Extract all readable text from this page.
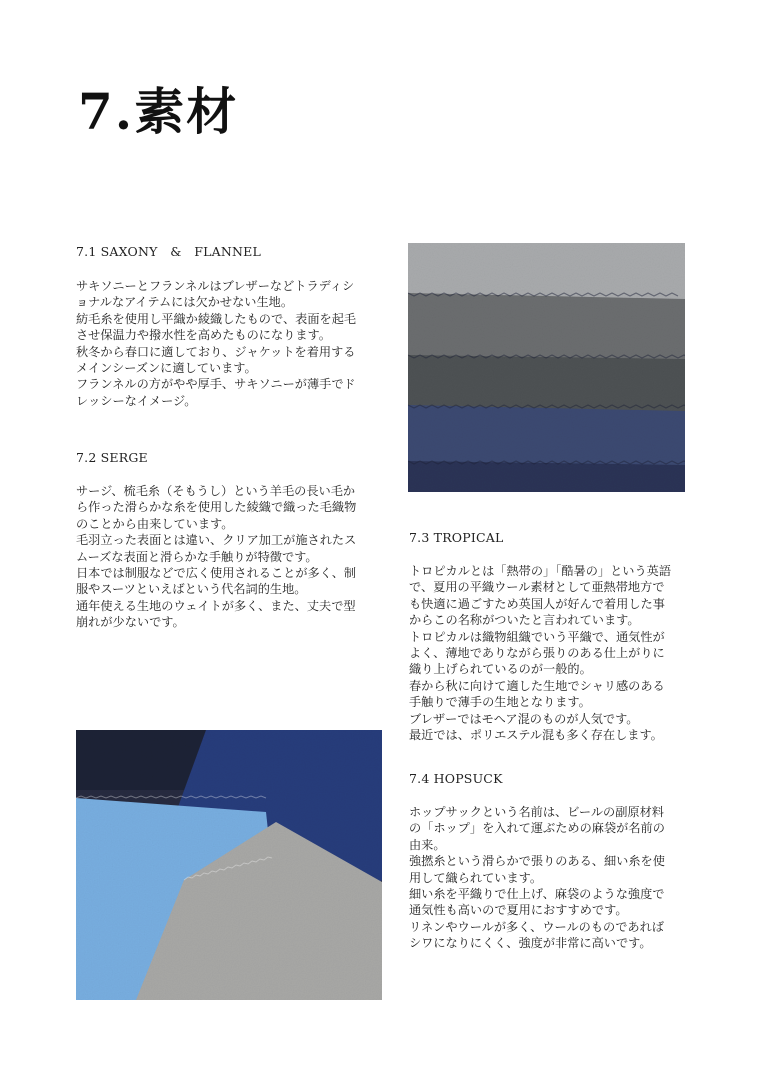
7.素材

7.1 SAXONY　&　FLANNEL

サキソニーとフランネルはブレザーなどトラディシ
ョナルなアイテムには欠かせない生地。
紡毛糸を使用し平織か綾織したもので、表面を起毛
させ保温力や撥水性を高めたものになります。
秋冬から春口に適しており、ジャケットを着用する
メインシーズンに適しています。
フランネルの方がやや厚手、サキソニーが薄手でド
レッシーなイメージ。

7.2 SERGE

サージ、梳毛糸（そもうし）という羊毛の長い毛か
ら作った滑らかな糸を使用した綾織で織った毛織物
のことから由来しています。
毛羽立った表面とは違い、クリア加工が施されたス
ムーズな表面と滑らかな手触りが特徴です。
日本では制服などで広く使用されることが多く、制
服やスーツといえばという代名詞的生地。
通年使える生地のウェイトが多く、また、丈夫で型
崩れが少ないです。

7.3 TROPICAL

トロピカルとは「熱帯の」「酷暑の」という英語
で、夏用の平織ウール素材として亜熱帯地方で
も快適に過ごすため英国人が好んで着用した事
からこの名称がついたと言われています。
トロピカルは織物組織でいう平織で、通気性が
よく、薄地でありながら張りのある仕上がりに
織り上げられているのが一般的。
春から秋に向けて適した生地でシャリ感のある
手触りで薄手の生地となります。
ブレザーではモヘア混のものが人気です。
最近では、ポリエステル混も多く存在します。

7.4 HOPSUCK

ホップサックという名前は、ビールの副原材料
の「ホップ」を入れて運ぶための麻袋が名前の
由来。
強撚糸という滑らかで張りのある、細い糸を使
用して織られています。
細い糸を平織りで仕上げ、麻袋のような強度で
通気性も高いので夏用におすすめです。
リネンやウールが多く、ウールのものであれば
シワになりにくく、強度が非常に高いです。
